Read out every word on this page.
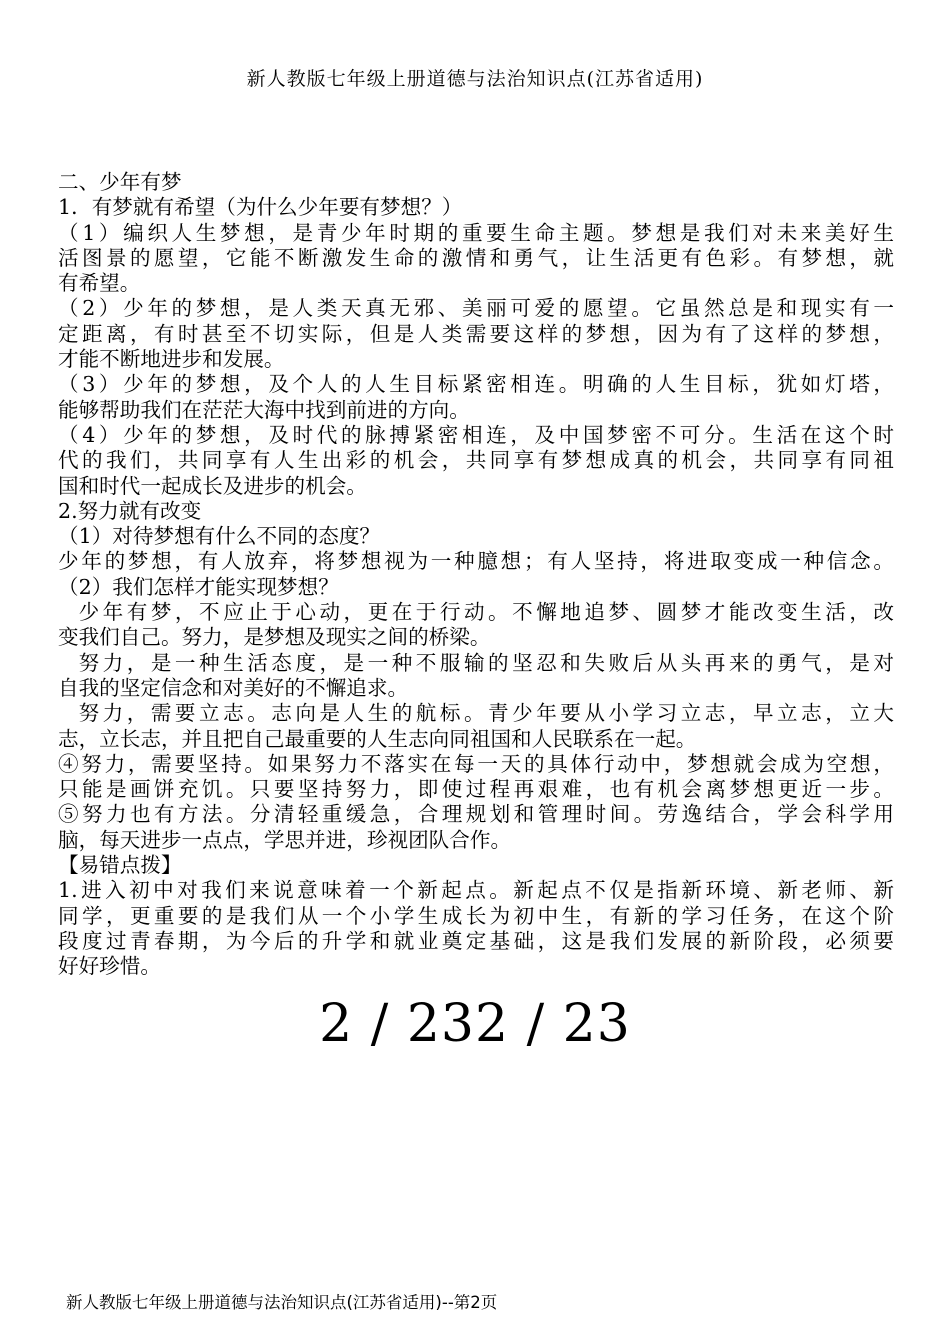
新人教版七年级上册道德与法治知识点(江苏省适用)
二、少年有梦
1．有梦就有希望（为什么少年要有梦想？）
（1）编织人生梦想，是青少年时期的重要生命主题。梦想是我们对未来美好生
活图景的愿望，它能不断激发生命的激情和勇气，让生活更有色彩。有梦想，就
有希望。
（2）少年的梦想，是人类天真无邪、美丽可爱的愿望。它虽然总是和现实有一
定距离，有时甚至不切实际，但是人类需要这样的梦想，因为有了这样的梦想，
才能不断地进步和发展。
（3）少年的梦想，及个人的人生目标紧密相连。明确的人生目标，犹如灯塔，
能够帮助我们在茫茫大海中找到前进的方向。
（4）少年的梦想，及时代的脉搏紧密相连，及中国梦密不可分。生活在这个时
代的我们，共同享有人生出彩的机会，共同享有梦想成真的机会，共同享有同祖
国和时代一起成长及进步的机会。
2.努力就有改变
（1）对待梦想有什么不同的态度？
少年的梦想，有人放弃，将梦想视为一种臆想；有人坚持，将进取变成一种信念。
（2）我们怎样才能实现梦想？
少年有梦，不应止于心动，更在于行动。不懈地追梦、圆梦才能改变生活，改
变我们自己。努力，是梦想及现实之间的桥梁。
努力，是一种生活态度，是一种不服输的坚忍和失败后从头再来的勇气，是对
自我的坚定信念和对美好的不懈追求。
努力，需要立志。志向是人生的航标。青少年要从小学习立志，早立志，立大
志，立长志，并且把自己最重要的人生志向同祖国和人民联系在一起。
④努力，需要坚持。如果努力不落实在每一天的具体行动中，梦想就会成为空想，
只能是画饼充饥。只要坚持努力，即使过程再艰难，也有机会离梦想更近一步。
⑤努力也有方法。分清轻重缓急，合理规划和管理时间。劳逸结合，学会科学用
脑，每天进步一点点，学思并进，珍视团队合作。
【易错点拨】
1.进入初中对我们来说意味着一个新起点。新起点不仅是指新环境、新老师、新
同学，更重要的是我们从一个小学生成长为初中生，有新的学习任务，在这个阶
段度过青春期，为今后的升学和就业奠定基础，这是我们发展的新阶段，必须要
好好珍惜。
2 / 232 / 23
新人教版七年级上册道德与法治知识点(江苏省适用)--第2页
